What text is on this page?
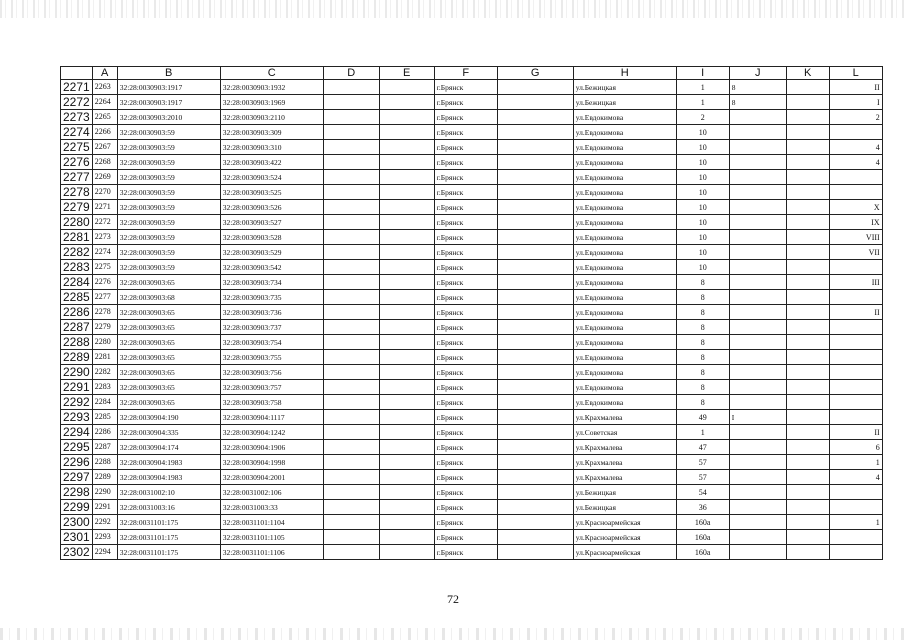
	A	B	C	D	E	F	G	H	I	J	K	L
2271	2263	32:28:0030903:1917	32:28:0030903:1932			г.Брянск		ул.Бежицкая	1	8		II
2272	2264	32:28:0030903:1917	32:28:0030903:1969			г.Брянск		ул.Бежицкая	1	8		I
2273	2265	32:28:0030903:2010	32:28:0030903:2110			г.Брянск		ул.Евдокимова	2			2
2274	2266	32:28:0030903:59	32:28:0030903:309			г.Брянск		ул.Евдокимова	10			
2275	2267	32:28:0030903:59	32:28:0030903:310			г.Брянск		ул.Евдокимова	10			4
2276	2268	32:28:0030903:59	32:28:0030903:422			г.Брянск		ул.Евдокимова	10			4
2277	2269	32:28:0030903:59	32:28:0030903:524			г.Брянск		ул.Евдокимова	10			
2278	2270	32:28:0030903:59	32:28:0030903:525			г.Брянск		ул.Евдокимова	10			
2279	2271	32:28:0030903:59	32:28:0030903:526			г.Брянск		ул.Евдокимова	10			X
2280	2272	32:28:0030903:59	32:28:0030903:527			г.Брянск		ул.Евдокимова	10			IX
2281	2273	32:28:0030903:59	32:28:0030903:528			г.Брянск		ул.Евдокимова	10			VIII
2282	2274	32:28:0030903:59	32:28:0030903:529			г.Брянск		ул.Евдокимова	10			VII
2283	2275	32:28:0030903:59	32:28:0030903:542			г.Брянск		ул.Евдокимова	10			
2284	2276	32:28:0030903:65	32:28:0030903:734			г.Брянск		ул.Евдокимова	8			III
2285	2277	32:28:0030903:68	32:28:0030903:735			г.Брянск		ул.Евдокимова	8			
2286	2278	32:28:0030903:65	32:28:0030903:736			г.Брянск		ул.Евдокимова	8			II
2287	2279	32:28:0030903:65	32:28:0030903:737			г.Брянск		ул.Евдокимова	8			
2288	2280	32:28:0030903:65	32:28:0030903:754			г.Брянск		ул.Евдокимова	8			
2289	2281	32:28:0030903:65	32:28:0030903:755			г.Брянск		ул.Евдокимова	8			
2290	2282	32:28:0030903:65	32:28:0030903:756			г.Брянск		ул.Евдокимова	8			
2291	2283	32:28:0030903:65	32:28:0030903:757			г.Брянск		ул.Евдокимова	8			
2292	2284	32:28:0030903:65	32:28:0030903:758			г.Брянск		ул.Евдокимова	8			
2293	2285	32:28:0030904:190	32:28:0030904:1117			г.Брянск		ул.Крахмалева	49	I		
2294	2286	32:28:0030904:335	32:28:0030904:1242			г.Брянск		ул.Советская	1			II
2295	2287	32:28:0030904:174	32:28:0030904:1906			г.Брянск		ул.Крахмалева	47			6
2296	2288	32:28:0030904:1983	32:28:0030904:1998			г.Брянск		ул.Крахмалева	57			1
2297	2289	32:28:0030904:1983	32:28:0030904:2001			г.Брянск		ул.Крахмалева	57			4
2298	2290	32:28:0031002:10	32:28:0031002:106			г.Брянск		ул.Бежицкая	54			
2299	2291	32:28:0031003:16	32:28:0031003:33			г.Брянск		ул.Бежицкая	36			
2300	2292	32:28:0031101:175	32:28:0031101:1104			г.Брянск		ул.Красноармейская	160а			1
2301	2293	32:28:0031101:175	32:28:0031101:1105			г.Брянск		ул.Красноармейская	160а			
2302	2294	32:28:0031101:175	32:28:0031101:1106			г.Брянск		ул.Красноармейская	160а			
72
